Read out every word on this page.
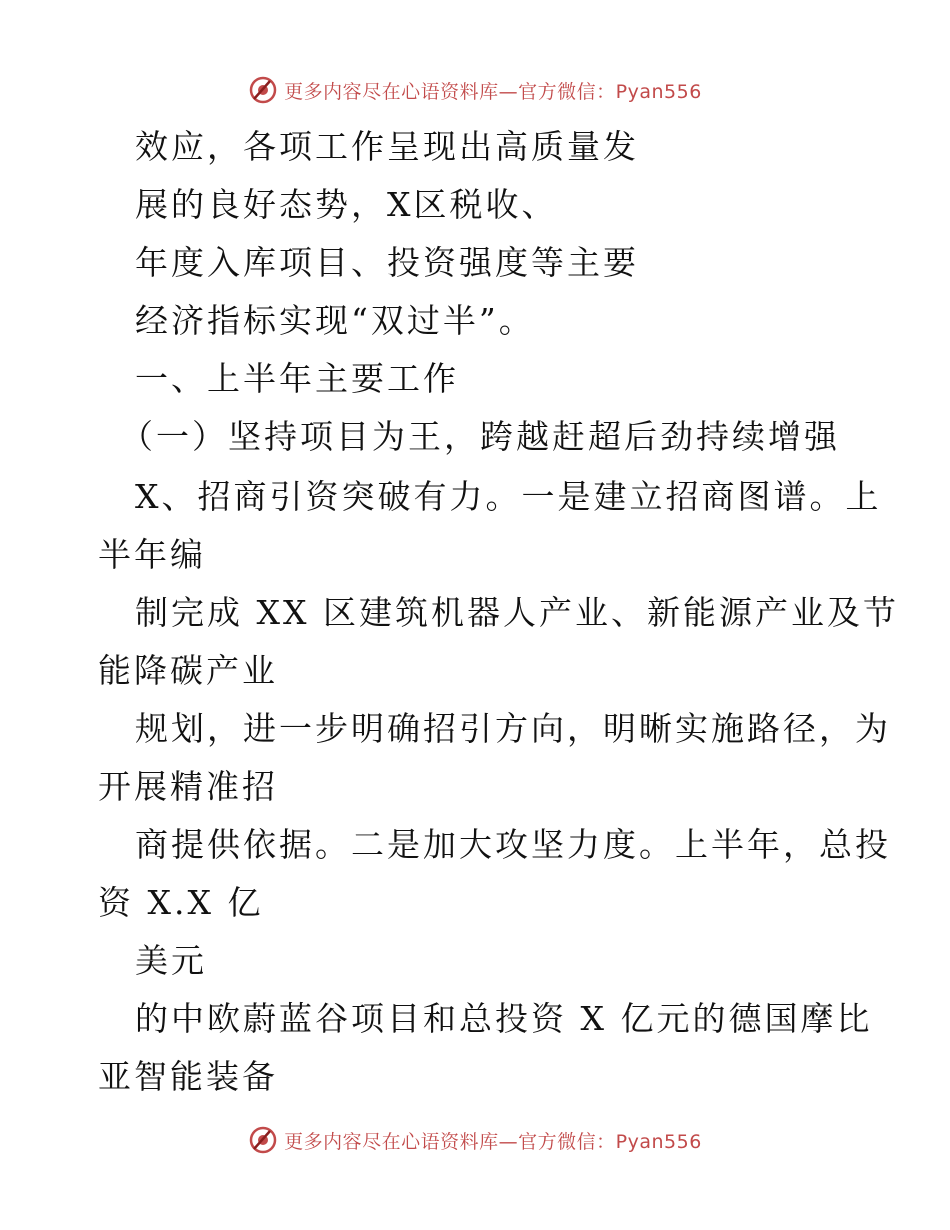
更多内容尽在心语资料库—官方微信：Pyan556
效应，各项工作呈现出高质量发
展的良好态势，X区税收、
年度入库项目、投资强度等主要
经济指标实现“双过半”。
一、上半年主要工作
（一）坚持项目为王，跨越赶超后劲持续增强
X、招商引资突破有力。一是建立招商图谱。上
半年编
制完成 XX 区建筑机器人产业、新能源产业及节
能降碳产业
规划，进一步明确招引方向，明晰实施路径，为
开展精准招
商提供依据。二是加大攻坚力度。上半年，总投
资 X.X 亿
美元
的中欧蔚蓝谷项目和总投资 X 亿元的德国摩比
亚智能装备
更多内容尽在心语资料库—官方微信：Pyan556
